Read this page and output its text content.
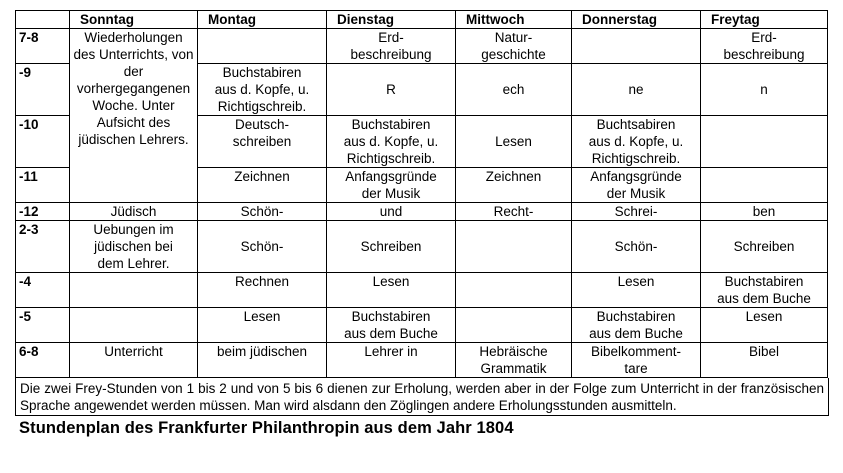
	Sonntag	Montag	Dienstag	Mittwoch	Donnerstag	Freytag
7-8	Wiederholungen des Unterrichts, von der vorhergegangenen Woche. Unter Aufsicht des jüdischen Lehrers.		Erd-
beschreibung	Natur-
geschichte		Erd-
beschreibung
-9		Buchstabiren
aus d. Kopfe, u.
Richtigschreib.	R	ech	ne	n
-10		Deutsch-
schreiben	Buchstabiren
aus d. Kopfe, u.
Richtigschreib.	Lesen	Buchtsabiren
aus d. Kopfe, u.
Richtigschreib.	
-11		Zeichnen	Anfangsgründe
der Musik	Zeichnen	Anfangsgründe
der Musik	
-12	Jüdisch	Schön-	und	Recht-	Schrei-	ben
2-3	Uebungen im
jüdischen bei
dem Lehrer.	Schön-	Schreiben		Schön-	Schreiben
-4		Rechnen	Lesen		Lesen	Buchstabiren
aus dem Buche
-5		Lesen	Buchstabiren
aus dem Buche		Buchstabiren
aus dem Buche	Lesen
6-8	Unterricht	beim jüdischen	Lehrer in	Hebräische
Grammatik	Bibelkomment-
tare	Bibel
Die zwei Frey-Stunden von 1 bis 2 und von 5 bis 6 dienen zur Erholung, werden aber in der Folge zum Unterricht in der französischen Sprache angewendet werden müssen. Man wird alsdann den Zöglingen andere Erholungsstunden ausmitteln.
Stundenplan des Frankfurter Philanthropin aus dem Jahr 1804
